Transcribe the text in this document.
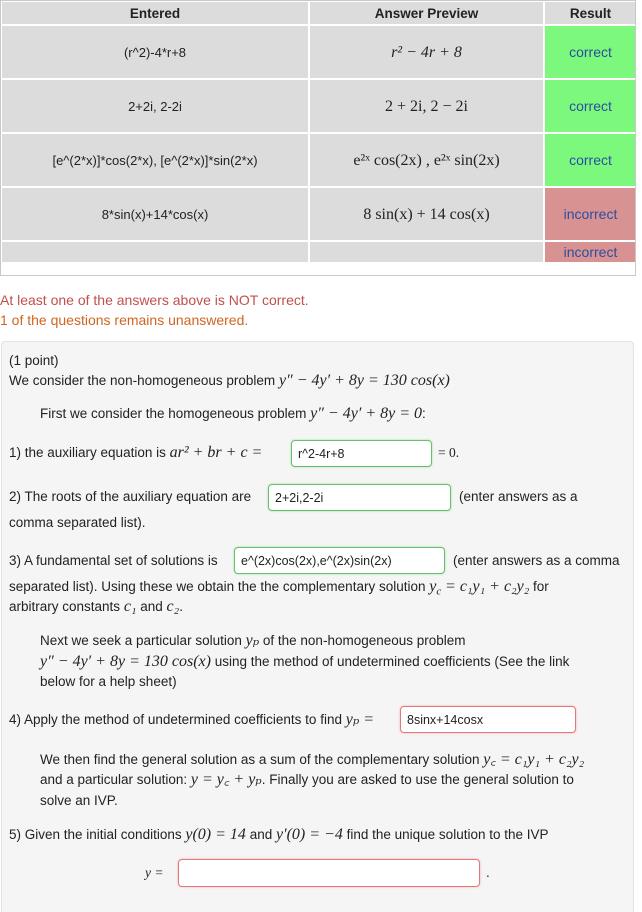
Entered	Answer Preview	Result
(r^2)-4*r+8	r² − 4r + 8	correct
2+2i, 2-2i	2 + 2i, 2 − 2i	correct
[e^(2*x)]*cos(2*x), [e^(2*x)]*sin(2*x)	e²ˣ cos(2x) , e²ˣ sin(2x)	correct
8*sin(x)+14*cos(x)	8 sin(x) + 14 cos(x)	incorrect
		incorrect
At least one of the answers above is NOT correct.
1 of the questions remains unanswered.
(1 point)
We consider the non-homogeneous problem y″ − 4y′ + 8y = 130 cos(x)
First we consider the homogeneous problem y″ − 4y′ + 8y = 0:
1) the auxiliary equation is ar² + br + c =
r^2-4r+8	= 0.
2) The roots of the auxiliary equation are
2+2i,2-2i	(enter answers as a
comma separated list).
3) A fundamental set of solutions is
e^(2x)cos(2x),e^(2x)sin(2x)	(enter answers as a comma
separated list). Using these we obtain the the complementary solution $y_c = c_1y_1 + c_2y_2$ for
arbitrary constants c₁ and c₂.
Next we seek a particular solution yₚ of the non-homogeneous problem
y″ − 4y′ + 8y = 130 cos(x) using the method of undetermined coefficients (See the link
below for a help sheet)
4) Apply the method of undetermined coefficients to find yₚ =
8sinx+14cosx
We then find the general solution as a sum of the complementary solution y꜀ = c₁y₁ + c₂y₂
and a particular solution: y = y꜀ + yₚ. Finally you are asked to use the general solution to
solve an IVP.
5) Given the initial conditions y(0) = 14 and y′(0) = −4 find the unique solution to the IVP
y =	.
